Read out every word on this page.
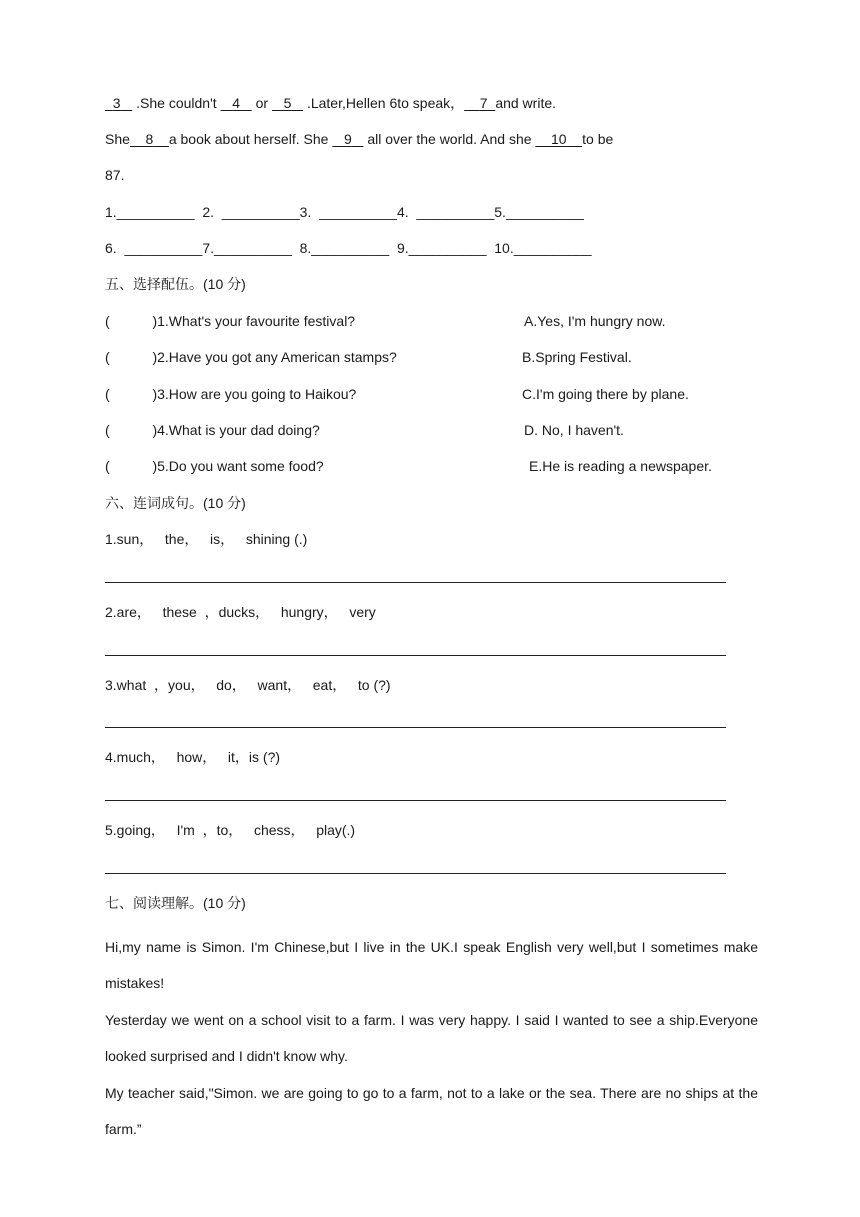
3    .She couldn't    4    or    5    .Later,Hellen 6to speak， 7 and write.
She 8 a book about herself. She    9    all over the world. And she     10 to be
87.
1.__________  2.  __________3.  __________4.  __________5.__________
6.  __________7.__________  8.__________  9.__________  10.__________
五、选择配伍。(10 分)
(           )1.What's your favourite festival?	A.Yes, I'm hungry now.
(           )2.Have you got any American stamps?	B.Spring Festival.
(           )3.How are you going to Haikou?	C.I'm going there by plane.
(           )4.What is your dad doing?	D. No, I haven't.
(           )5.Do you want some food?	E.He is reading a newspaper.
六、连词成句。(10 分)
1.sun，   the，   is，   shining (.)
2.are，   these  ，ducks，   hungry，   very
3.what  ，you，   do，   want，   eat，   to (?)
4.much，   how，   it，is (?)
5.going，   I'm  ，to，   chess，   play(.)
七、阅读理解。(10 分)
Hi,my name is Simon. I'm Chinese,but I live in the UK.I speak English very well,but I sometimes make mistakes!
Yesterday we went on a school visit to a farm. I was very happy. I said I wanted to see a ship.Everyone looked surprised and I didn't know why.
My teacher said,"Simon. we are going to go to a farm, not to a lake or the sea. There are no ships at the farm.”
